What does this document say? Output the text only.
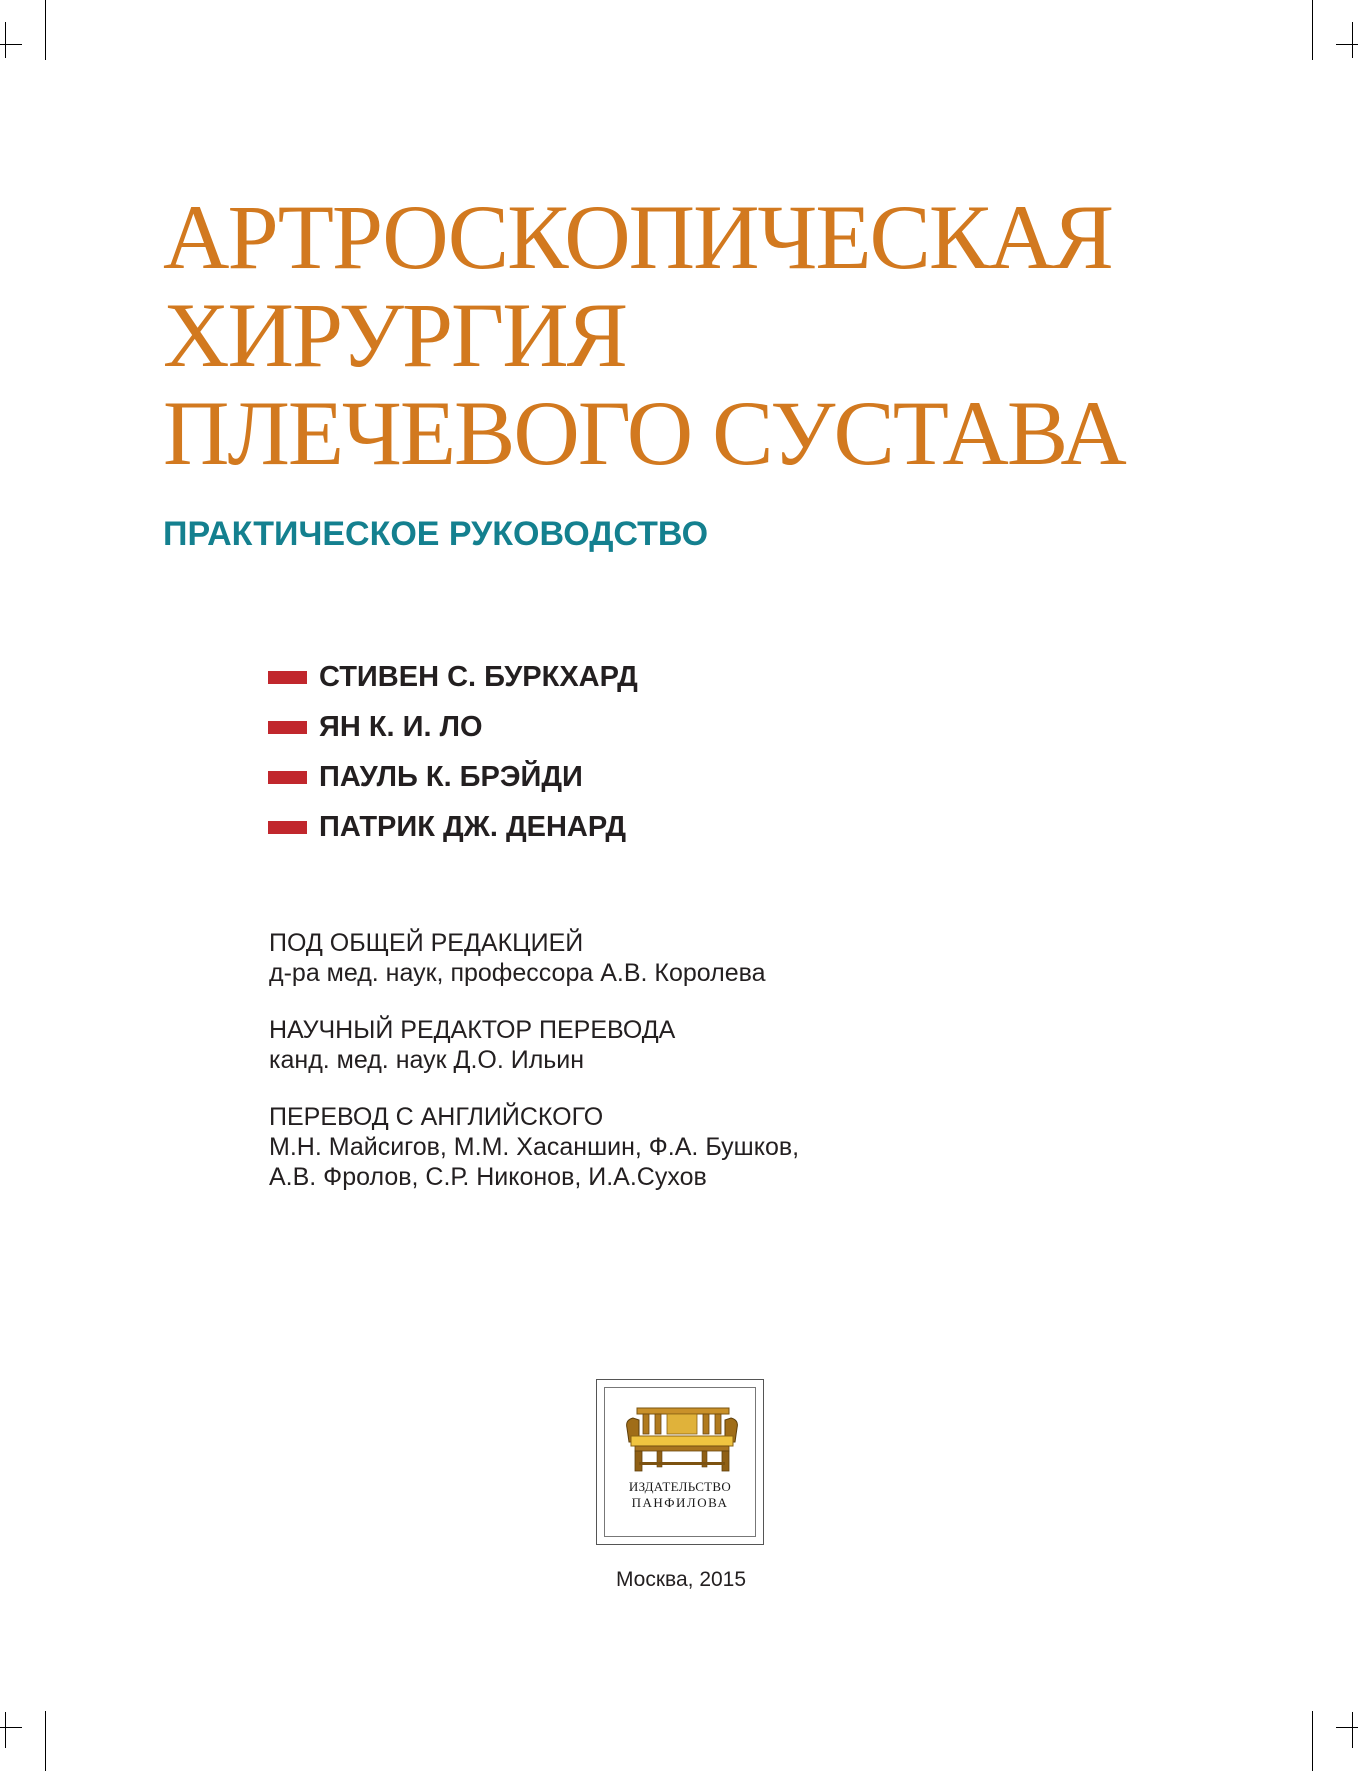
АРТРОСКОПИЧЕСКАЯ
ХИРУРГИЯ
ПЛЕЧЕВОГО СУСТАВА
ПРАКТИЧЕСКОЕ РУКОВОДСТВО
СТИВЕН С. БУРКХАРД
ЯН К. И. ЛО
ПАУЛЬ К. БРЭЙДИ
ПАТРИК ДЖ. ДЕНАРД
ПОД ОБЩЕЙ РЕДАКЦИЕЙ
д-ра мед. наук, профессора А.В. Королева
НАУЧНЫЙ РЕДАКТОР ПЕРЕВОДА
канд. мед. наук Д.О. Ильин
ПЕРЕВОД С АНГЛИЙСКОГО
М.Н. Майсигов, М.М. Хасаншин, Ф.А. Бушков,
А.В. Фролов, С.Р. Никонов, И.А.Сухов
ИЗДАТЕЛЬСТВО
ПАНФИЛОВА
Москва, 2015
